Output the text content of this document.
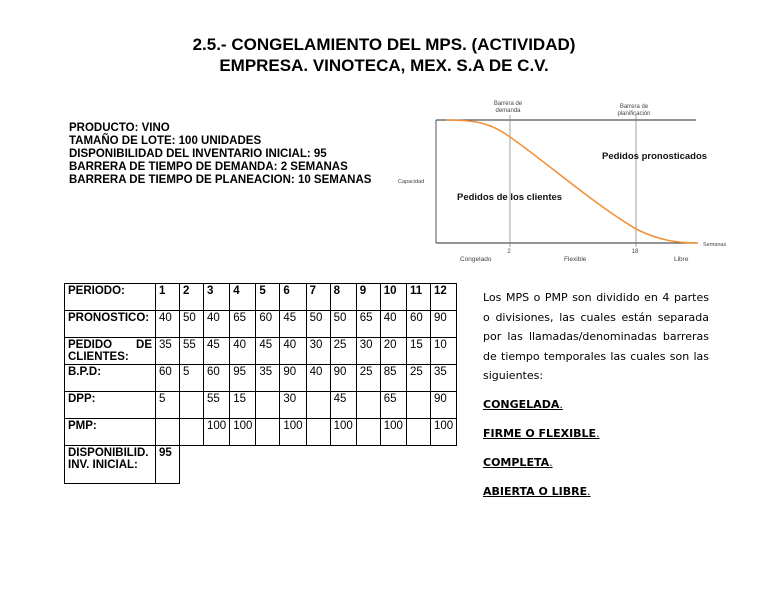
2.5.- CONGELAMIENTO DEL MPS. (ACTIVIDAD)
EMPRESA. VINOTECA, MEX. S.A DE C.V.
PRODUCTO: VINO
TAMAÑO DE LOTE: 100 UNIDADES
DISPONIBILIDAD DEL INVENTARIO INICIAL: 95
BARRERA DE TIEMPO DE DEMANDA: 2 SEMANAS
BARRERA DE TIEMPO DE PLANEACION: 10 SEMANAS
Barrera de
demanda
Barrera de
planificación
Capacidad
Semanas
2	18
Congelado	Flexible	Libre
Pedidos pronosticados
Pedidos de los clientes
PERIODO:	1	2	3	4	5	6	7	8	9	10	11	12
PRONOSTICO:	40	50	40	65	60	45	50	50	65	40	60	90

PEDIDO DE
CLIENTES:	35	55	45	40	45	40	30	25	30	20	15	10
B.P.D:	60	5	60	95	35	90	40	90	25	85	25	35
DPP:	5		55	15		30		45		65		90
PMP:			100	100		100		100		100		100

DISPONIBILID.
INV. INICIAL:	95											

Los MPS o PMP son dividido en 4 partes o divisiones, las cuales están separada por las llamadas/denominadas barreras de tiempo temporales las cuales son las siguientes:

CONGELADA.
FIRME O FLEXIBLE.
COMPLETA.
ABIERTA O LIBRE.
